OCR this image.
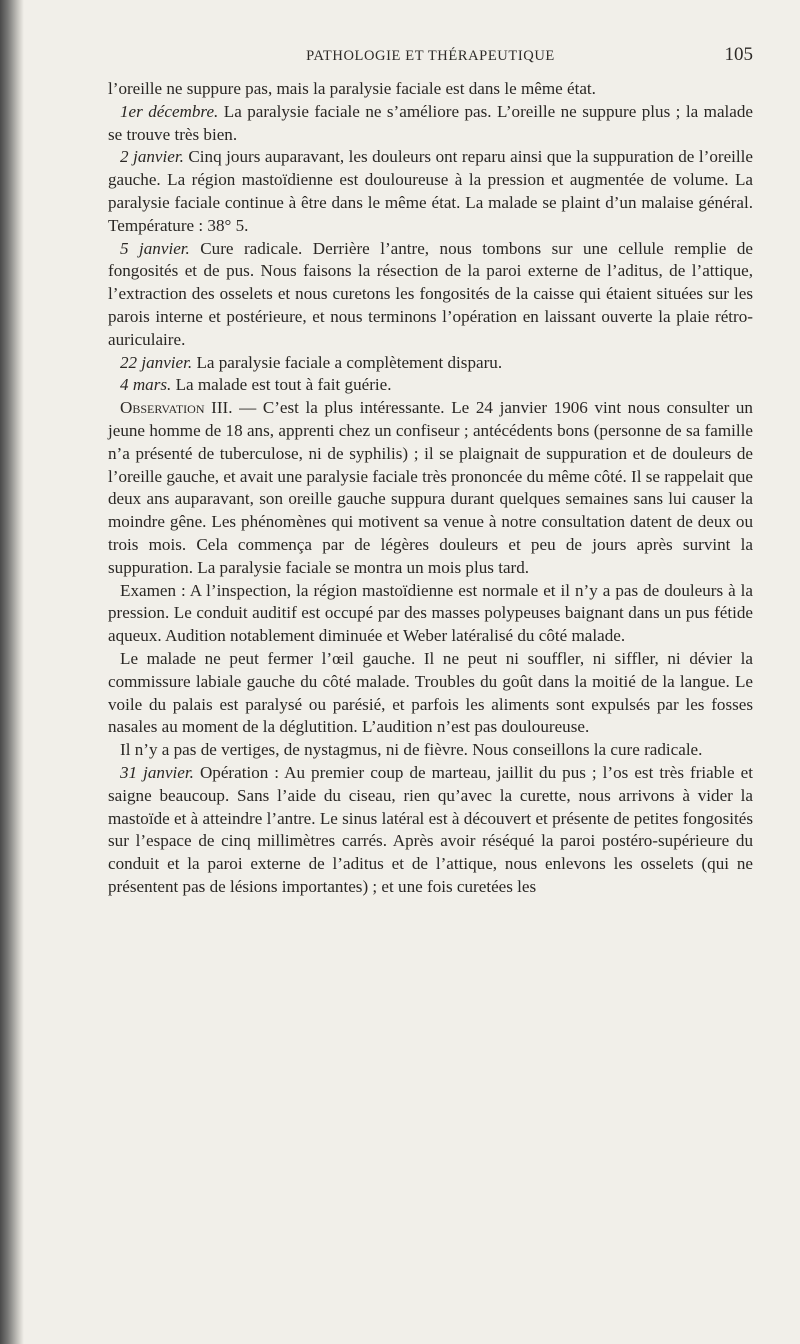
PATHOLOGIE ET THÉRAPEUTIQUE	105

l’oreille ne suppure pas, mais la paralysie faciale est dans le même état.

1er décembre. La paralysie faciale ne s’améliore pas. L’oreille ne suppure plus ; la malade se trouve très bien.

2 janvier. Cinq jours auparavant, les douleurs ont reparu ainsi que la suppuration de l’oreille gauche. La région mastoïdienne est douloureuse à la pression et augmentée de volume. La paralysie faciale continue à être dans le même état. La malade se plaint d’un malaise général. Température : 38° 5.

5 janvier. Cure radicale. Derrière l’antre, nous tombons sur une cellule remplie de fongosités et de pus. Nous faisons la résection de la paroi externe de l’aditus, de l’attique, l’extraction des osselets et nous curetons les fongosités de la caisse qui étaient situées sur les parois interne et postérieure, et nous terminons l’opération en laissant ouverte la plaie rétro-auriculaire.

22 janvier. La paralysie faciale a complètement disparu.

4 mars. La malade est tout à fait guérie.

Observation III. — C’est la plus intéressante. Le 24 janvier 1906 vint nous consulter un jeune homme de 18 ans, apprenti chez un confiseur ; antécédents bons (personne de sa famille n’a présenté de tuberculose, ni de syphilis) ; il se plaignait de suppuration et de douleurs de l’oreille gauche, et avait une paralysie faciale très prononcée du même côté. Il se rappelait que deux ans auparavant, son oreille gauche suppura durant quelques semaines sans lui causer la moindre gêne. Les phénomènes qui motivent sa venue à notre consultation datent de deux ou trois mois. Cela commença par de légères douleurs et peu de jours après survint la suppuration. La paralysie faciale se montra un mois plus tard.

Examen : A l’inspection, la région mastoïdienne est normale et il n’y a pas de douleurs à la pression. Le conduit auditif est occupé par des masses polypeuses baignant dans un pus fétide aqueux. Audition notablement diminuée et Weber latéralisé du côté malade.

Le malade ne peut fermer l’œil gauche. Il ne peut ni souffler, ni siffler, ni dévier la commissure labiale gauche du côté malade. Troubles du goût dans la moitié de la langue. Le voile du palais est paralysé ou parésié, et parfois les aliments sont expulsés par les fosses nasales au moment de la déglutition. L’audition n’est pas douloureuse.

Il n’y a pas de vertiges, de nystagmus, ni de fièvre. Nous conseillons la cure radicale.

31 janvier. Opération : Au premier coup de marteau, jaillit du pus ; l’os est très friable et saigne beaucoup. Sans l’aide du ciseau, rien qu’avec la curette, nous arrivons à vider la mastoïde et à atteindre l’antre. Le sinus latéral est à découvert et présente de petites fongosités sur l’espace de cinq millimètres carrés. Après avoir réséqué la paroi postéro-supérieure du conduit et la paroi externe de l’aditus et de l’attique, nous enlevons les osselets (qui ne présentent pas de lésions importantes) ; et une fois curetées les
